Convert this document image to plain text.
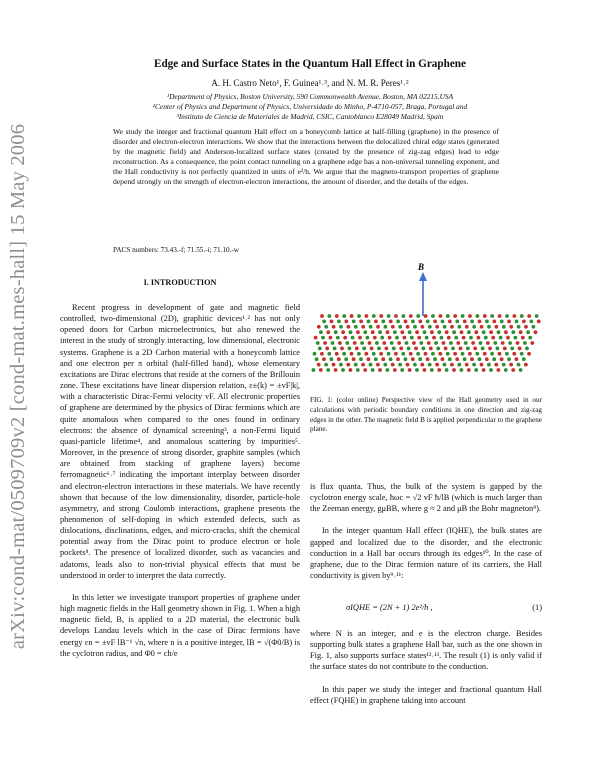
arXiv:cond-mat/0509709v2 [cond-mat.mes-hall] 15 May 2006
Edge and Surface States in the Quantum Hall Effect in Graphene
A. H. Castro Neto¹, F. Guinea¹˒³, and N. M. R. Peres¹˒²
¹Department of Physics, Boston University, 590 Commonwealth Avenue, Boston, MA 02215,USA
²Center of Physics and Department of Physics, Universidade do Minho, P-4710-057, Braga, Portugal and
³Instituto de Ciencia de Materiales de Madrid, CSIC, Cantoblanco E28049 Madrid, Spain

We study the integer and fractional quantum Hall effect on a honeycomb lattice at half-filling (graphene) in the presence of disorder and electron-electron interactions. We show that the interactions between the delocalized chiral edge states (generated by the magnetic field) and Anderson-localized surface states (created by the presence of zig-zag edges) lead to edge reconstruction. As a consequence, the point contact tunneling on a graphene edge has a non-universal tunneling exponent, and the Hall conductivity is not perfectly quantized in units of e²/h. We argue that the magneto-transport properties of graphene depend strongly on the strength of electron-electron interactions, the amount of disorder, and the details of the edges.

PACS numbers: 73.43.-f; 71.55.-i; 71.10.-w
I. INTRODUCTION

Recent progress in development of gate and magnetic field controlled, two-dimensional (2D), graphitic devices¹˒² has not only opened doors for Carbon microelectronics, but also renewed the interest in the study of strongly interacting, low dimensional, electronic systems. Graphene is a 2D Carbon material with a honeycomb lattice and one electron per π orbital (half-filled band), whose elementary excitations are Dirac electrons that reside at the corners of the Brillouin zone. These excitations have linear dispersion relation, ε±(k) = ±vF|k|, with a characteristic Dirac-Fermi velocity vF. All electronic properties of graphene are determined by the physics of Dirac fermions which are quite anomalous when compared to the ones found in ordinary electrons: the absence of dynamical screening³, a non-Fermi liquid quasi-particle lifetime⁴, and anomalous scattering by impurities⁵. Moreover, in the presence of strong disorder, graphite samples (which are obtained from stacking of graphene layers) become ferromagnetic⁶˒⁷ indicating the important interplay between disorder and electron-electron interactions in these materials. We have recently shown that because of the low dimensionality, disorder, particle-hole asymmetry, and strong Coulomb interactions, graphene presents the phenomenon of self-doping in which extended defects, such as dislocations, disclinations, edges, and micro-cracks, shift the chemical potential away from the Dirac point to produce electron or hole pockets⁸. The presence of localized disorder, such as vacancies and adatoms, leads also to non-trivial physical effects that must be understood in order to interpret the data correctly.

In this letter we investigate transport properties of graphene under high magnetic fields in the Hall geometry shown in Fig. 1. When a high magnetic field, B, is applied to a 2D material, the electronic bulk develops Landau levels which in the case of Dirac fermions have energy εn = ±vF lB⁻¹ √n, where n is a positive integer, lB = √(Φ0/B) is the cyclotron radius, and Φ0 = ch/e

B

FIG. 1: (color online) Perspective view of the Hall geometry used in our calculations with periodic boundary conditions in one direction and zig-zag edges in the other. The magnetic field B is applied perpendicular to the graphene plane.

is flux quanta. Thus, the bulk of the system is gapped by the cyclotron energy scale, ħωc = √2 vF ħ/lB (which is much larger than the Zeeman energy, gμBB, where g ≈ 2 and μB the Bohr magneton⁹).

In the integer quantum Hall effect (IQHE), the bulk states are gapped and localized due to the disorder, and the electronic conduction in a Hall bar occurs through its edges¹⁰. In the case of graphene, due to the Dirac fermion nature of its carriers, the Hall conductivity is given by⁹˒¹¹:

σIQHE = (2N + 1) 2e²/h ,	(1)

where N is an integer, and e is the electron charge. Besides supporting bulk states a graphene Hall bar, such as the one shown in Fig. 1, also supports surface states¹²˒¹³. The result (1) is only valid if the surface states do not contribute to the conduction.

In this paper we study the integer and fractional quantum Hall effect (FQHE) in graphene taking into account
